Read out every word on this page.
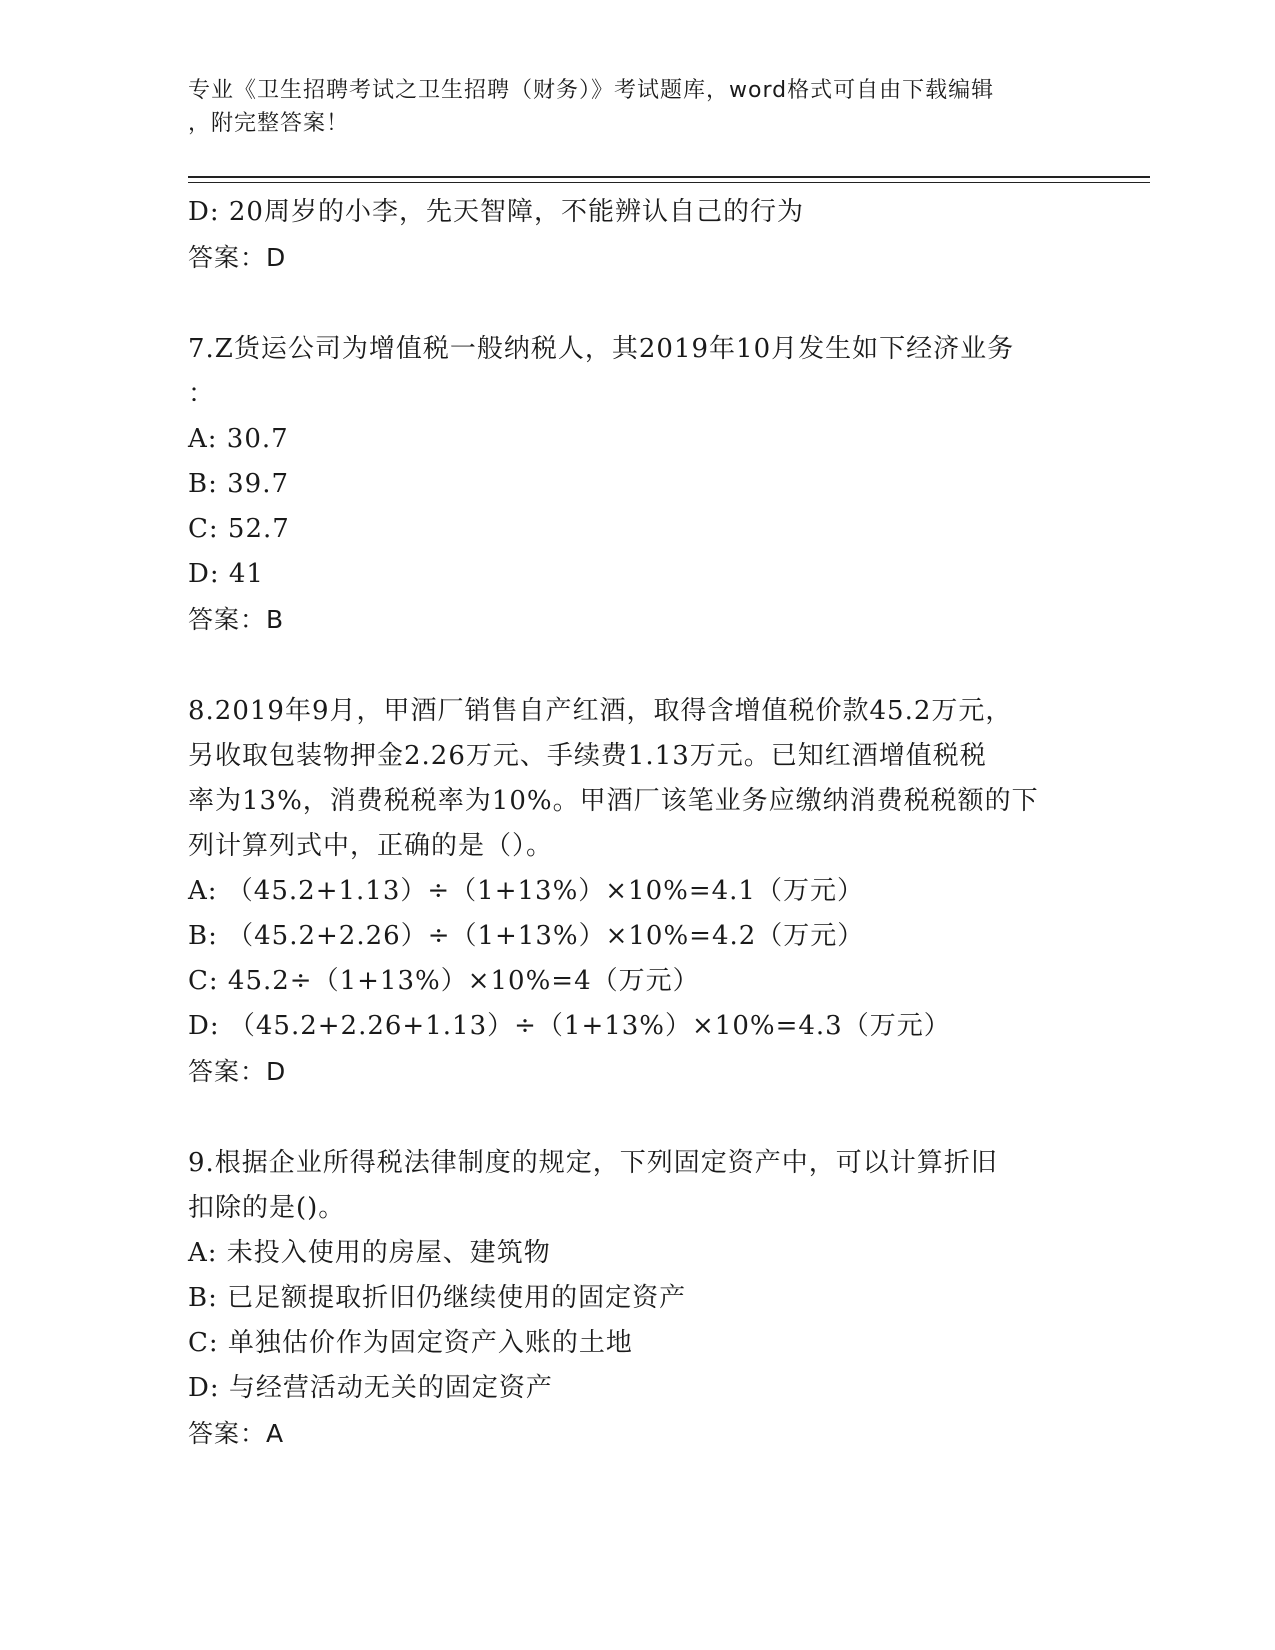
专业《卫生招聘考试之卫生招聘（财务）》考试题库，word格式可自由下载编辑
，附完整答案！
D: 20周岁的小李，先天智障，不能辨认自己的行为
答案：D
7.Z货运公司为增值税一般纳税人，其2019年10月发生如下经济业务
：
A: 30.7
B: 39.7
C: 52.7
D: 41
答案：B
8.2019年9月，甲酒厂销售自产红酒，取得含增值税价款45.2万元，
另收取包装物押金2.26万元、手续费1.13万元。已知红酒增值税税
率为13%，消费税税率为10%。甲酒厂该笔业务应缴纳消费税税额的下
列计算列式中，正确的是（）。
A: （45.2+1.13）÷（1+13%）×10%=4.1（万元）
B: （45.2+2.26）÷（1+13%）×10%=4.2（万元）
C: 45.2÷（1+13%）×10%=4（万元）
D: （45.2+2.26+1.13）÷（1+13%）×10%=4.3（万元）
答案：D
9.根据企业所得税法律制度的规定，下列固定资产中，可以计算折旧
扣除的是()。
A: 未投入使用的房屋、建筑物
B: 已足额提取折旧仍继续使用的固定资产
C: 单独估价作为固定资产入账的土地
D: 与经营活动无关的固定资产
答案：A
